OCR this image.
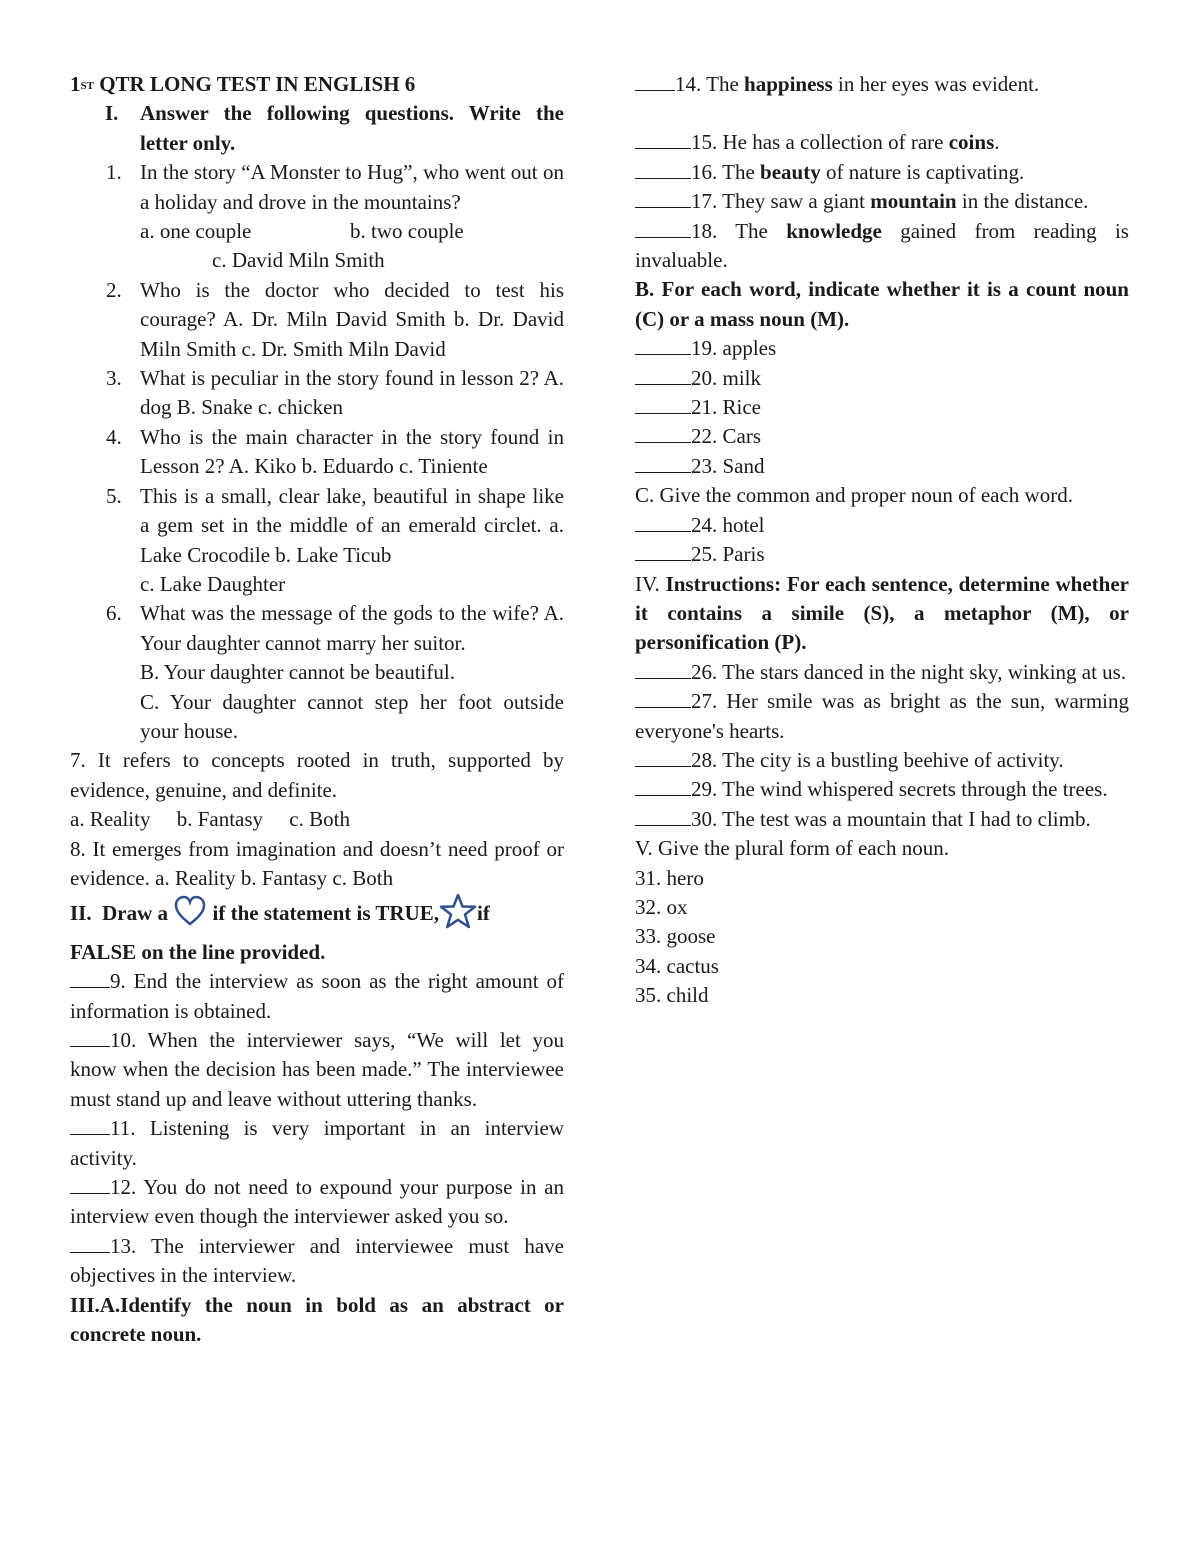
1ST QTR LONG TEST IN ENGLISH 6

I.	Answer the following questions. Write the letter only.
1. In the story “A Monster to Hug”, who went out on a holiday and drove in the mountains?
a. one couple	b. two couple
c. David Miln Smith
2. Who is the doctor who decided to test his courage? A. Dr. Miln David Smith b. Dr. David Miln Smith c. Dr. Smith Miln David
3. What is peculiar in the story found in lesson 2? A. dog B. Snake c. chicken
4. Who is the main character in the story found in Lesson 2? A. Kiko b. Eduardo c. Tiniente
5. This is a small, clear lake, beautiful in shape like a gem set in the middle of an emerald circlet. a. Lake Crocodile b. Lake Ticub
c. Lake Daughter
6. What was the message of the gods to the wife? A. Your daughter cannot marry her suitor.
B. Your daughter cannot be beautiful.
C. Your daughter cannot step her foot outside your house.

7. It refers to concepts rooted in truth, supported by evidence, genuine, and definite.

a. Reality     b. Fantasy     c. Both

8. It emerges from imagination and doesn’t need proof or evidence. a. Reality b. Fantasy c. Both

II. Draw a if the statement is TRUE, if

FALSE on the line provided.

9. End the interview as soon as the right amount of information is obtained.

10. When the interviewer says, “We will let you know when the decision has been made.” The interviewee must stand up and leave without uttering thanks.

11. Listening is very important in an interview activity.

12. You do not need to expound your purpose in an interview even though the interviewer asked you so.

13. The interviewer and interviewee must have objectives in the interview.

III.A.Identify the noun in bold as an abstract or concrete noun.

14. The happiness in her eyes was evident.

15. He has a collection of rare coins.

16. The beauty of nature is captivating.

17. They saw a giant mountain in the distance.

18. The knowledge gained from reading is invaluable.

B. For each word, indicate whether it is a count noun (C) or a mass noun (M).

19. apples

20. milk

21. Rice

22. Cars

23. Sand

C. Give the common and proper noun of each word.

24. hotel

25. Paris

IV. Instructions: For each sentence, determine whether it contains a simile (S), a metaphor (M), or personification (P).

26. The stars danced in the night sky, winking at us.

27. Her smile was as bright as the sun, warming everyone's hearts.

28. The city is a bustling beehive of activity.

29. The wind whispered secrets through the trees.

30. The test was a mountain that I had to climb.

V. Give the plural form of each noun.

31. hero

32. ox

33. goose

34. cactus

35. child
